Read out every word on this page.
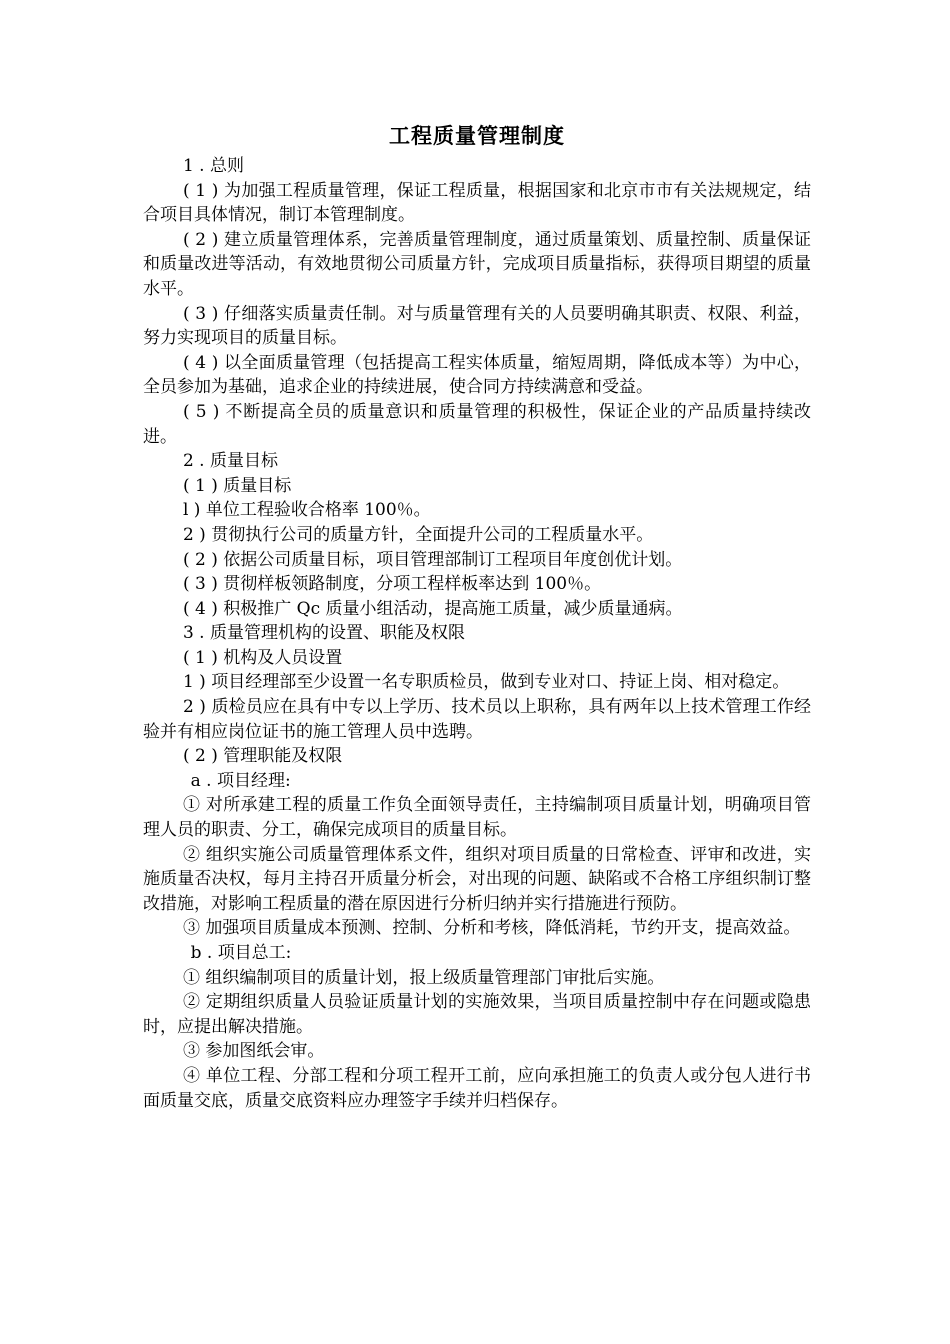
工程质量管理制度

1 . 总则

( 1 ) 为加强工程质量管理，保证工程质量，根据国家和北京市市有关法规规定，结合项目具体情况，制订本管理制度。

( 2 ) 建立质量管理体系，完善质量管理制度，通过质量策划、质量控制、质量保证和质量改进等活动，有效地贯彻公司质量方针，完成项目质量指标，获得项目期望的质量水平。

( 3 ) 仔细落实质量责任制。对与质量管理有关的人员要明确其职责、权限、利益，努力实现项目的质量目标。

( 4 ) 以全面质量管理（包括提高工程实体质量，缩短周期，降低成本等）为中心，全员参加为基础，追求企业的持续进展，使合同方持续满意和受益。

( 5 ) 不断提高全员的质量意识和质量管理的积极性，保证企业的产品质量持续改进。

2 . 质量目标

( 1 ) 质量目标

l ) 单位工程验收合格率 100％。

2 ) 贯彻执行公司的质量方针，全面提升公司的工程质量水平。

( 2 ) 依据公司质量目标，项目管理部制订工程项目年度创优计划。

( 3 ) 贯彻样板领路制度，分项工程样板率达到 100％。

( 4 ) 积极推广 Qc 质量小组活动，提高施工质量，减少质量通病。

3 . 质量管理机构的设置、职能及权限

( 1 ) 机构及人员设置

1 ) 项目经理部至少设置一名专职质检员，做到专业对口、持证上岗、相对稳定。

2 ) 质检员应在具有中专以上学历、技术员以上职称，具有两年以上技术管理工作经验并有相应岗位证书的施工管理人员中选聘。

( 2 ) 管理职能及权限

a . 项目经理:

① 对所承建工程的质量工作负全面领导责任，主持编制项目质量计划，明确项目管理人员的职责、分工，确保完成项目的质量目标。

② 组织实施公司质量管理体系文件，组织对项目质量的日常检查、评审和改进，实施质量否决权，每月主持召开质量分析会，对出现的问题、缺陷或不合格工序组织制订整改措施，对影响工程质量的潜在原因进行分析归纳并实行措施进行预防。

③ 加强项目质量成本预测、控制、分析和考核，降低消耗，节约开支，提高效益。

b . 项目总工:

① 组织编制项目的质量计划，报上级质量管理部门审批后实施。

② 定期组织质量人员验证质量计划的实施效果，当项目质量控制中存在问题或隐患时，应提出解决措施。

③ 参加图纸会审。

④ 单位工程、分部工程和分项工程开工前，应向承担施工的负责人或分包人进行书面质量交底，质量交底资料应办理签字手续并归档保存。
